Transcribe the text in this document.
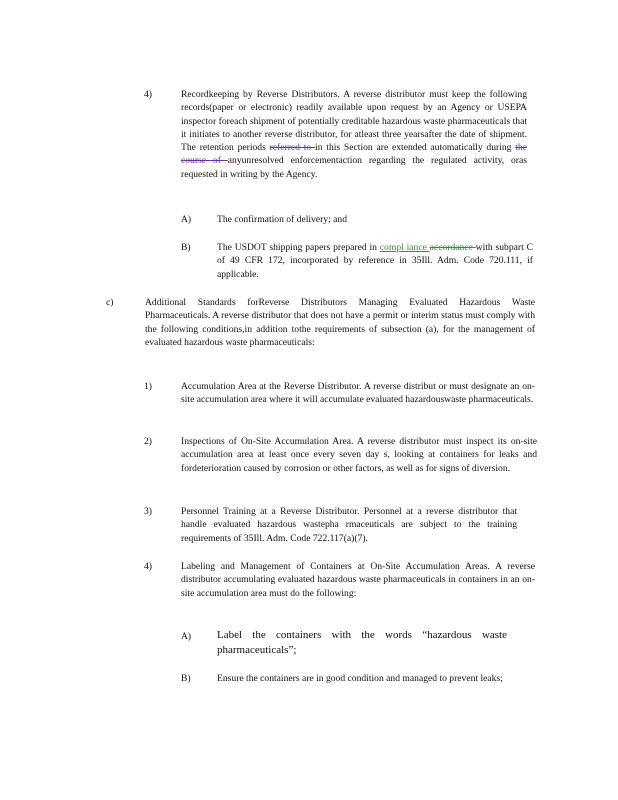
4)	Recordkeeping by Reverse Distributors. A reverse distributor must keep the following records(paper or electronic) readily available upon request by an Agency or USEPA inspector foreach shipment of potentially creditable hazardous waste pharmaceuticals that it initiates to another reverse distributor, for atleast three yearsafter the date of shipment. The retention periods referred to in this Section are extended automatically during the course of anyunresolved enforcementaction regarding the regulated activity, oras requested in writing by the Agency.
A)	The confirmation of delivery; and
B)	The USDOT shipping papers prepared in compl iance accordance with subpart C of 49 CFR 172, incorporated by reference in 35Ill. Adm. Code 720.111, if applicable.
c)	Additional Standards forReverse Distributors Managing Evaluated Hazardous Waste Pharmaceuticals. A reverse distributor that does not have a permit or interim status must comply with the following conditions,in addition tothe requirements of subsection (a), for the management of evaluated hazardous waste pharmaceuticals:
1)	Accumulation Area at the Reverse Distributor. A reverse distribut or must designate an on-site accumulation area where it will accumulate evaluated hazardouswaste pharmaceuticals.
2)	Inspections of On-Site Accumulation Area. A reverse distributor must inspect its on-site accumulation area at least once every seven day s, looking at containers for leaks and fordeterioration caused by corrosion or other factors, as well as for signs of diversion.
3)	Personnel Training at a Reverse Distributor. Personnel at a reverse distributor that handle evaluated hazardous wastepha rmaceuticals are subject to the training requirements of 35Ill. Adm. Code 722.117(a)(7).
4)	Labeling and Management of Containers at On-Site Accumulation Areas. A reverse distributor accumulating evaluated hazardous waste pharmaceuticals in containers in an on-site accumulation area must do the following:
A) Label the containers with the words “hazardous waste pharmaceuticals”;
B)	Ensure the containers are in good condition and managed to prevent leaks;
